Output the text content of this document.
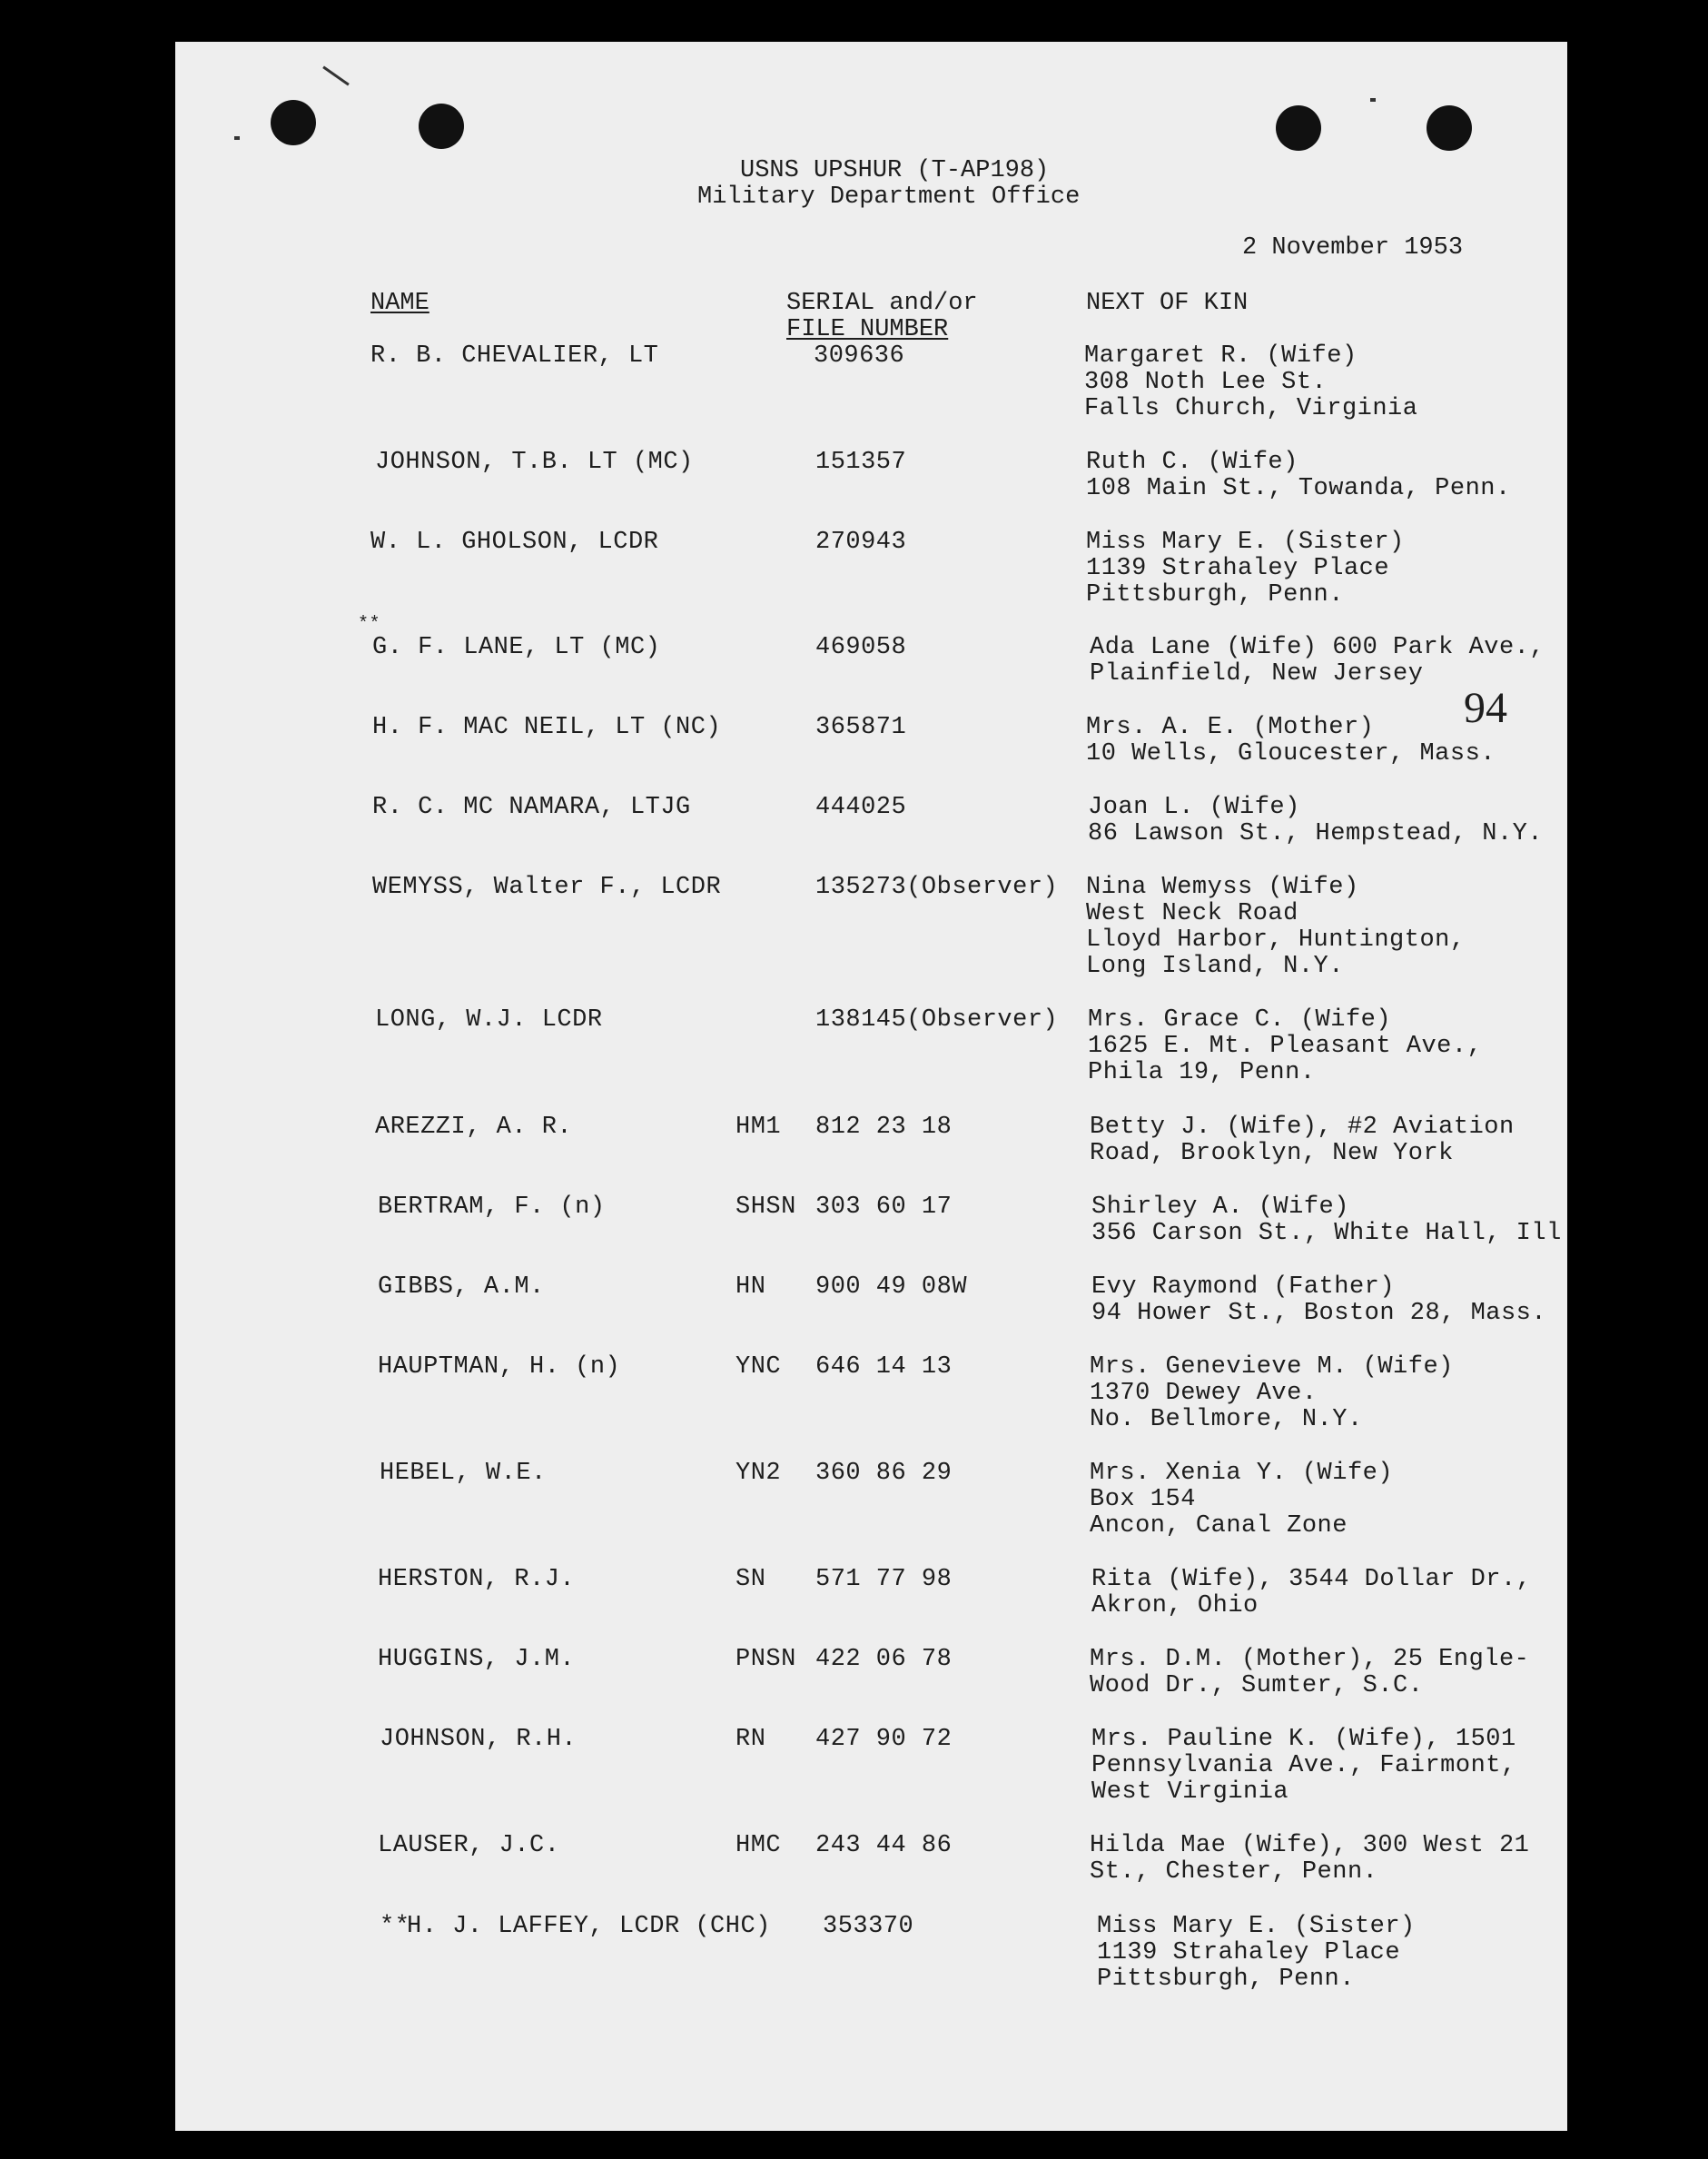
USNS UPSHUR (T-AP198)
Military Department Office
2 November 1953
NAME	SERIAL and/or
FILE NUMBER
NEXT OF KIN
94
R. B. CHEVALIER, LT	309636	Margaret R. (Wife)
308 Noth Lee St.
Falls Church, Virginia
JOHNSON, T.B. LT (MC)	151357	Ruth C. (Wife)
108 Main St., Towanda, Penn.
W. L. GHOLSON, LCDR	270943	Miss Mary E. (Sister)
1139 Strahaley Place
Pittsburgh, Penn.
**
G. F. LANE, LT (MC)	469058	Ada Lane (Wife) 600 Park Ave.,
Plainfield, New Jersey
H. F. MAC NEIL, LT (NC)	365871	Mrs. A. E. (Mother)
10 Wells, Gloucester, Mass.
R. C. MC NAMARA, LTJG	444025	Joan L. (Wife)
86 Lawson St., Hempstead, N.Y.
WEMYSS, Walter F., LCDR	135273(Observer) Nina Wemyss (Wife)
West Neck Road
Lloyd Harbor, Huntington,
Long Island, N.Y.
LONG, W.J. LCDR	138145(Observer) Mrs. Grace C. (Wife)
1625 E. Mt. Pleasant Ave.,
Phila 19, Penn.
AREZZI, A. R.	HM1 812 23 18	Betty J. (Wife), #2 Aviation
Road, Brooklyn, New York
BERTRAM, F. (n)	SHSN 303 60 17	Shirley A. (Wife)
356 Carson St., White Hall, Ill
GIBBS, A.M.	HN 900 49 08W	Evy Raymond (Father)
94 Hower St., Boston 28, Mass.
HAUPTMAN, H. (n)	YNC 646 14 13	Mrs. Genevieve M. (Wife)
1370 Dewey Ave.
No. Bellmore, N.Y.
HEBEL, W.E.	YN2 360 86 29	Mrs. Xenia Y. (Wife)
Box 154
Ancon, Canal Zone
HERSTON, R.J.	SN 571 77 98	Rita (Wife), 3544 Dollar Dr.,
Akron, Ohio
HUGGINS, J.M.	PNSN 422 06 78	Mrs. D.M. (Mother), 25 Engle-
Wood Dr., Sumter, S.C.
JOHNSON, R.H.	RN 427 90 72	Mrs. Pauline K. (Wife), 1501
Pennsylvania Ave., Fairmont,
West Virginia
LAUSER, J.C.	HMC 243 44 86	Hilda Mae (Wife), 300 West 21
St., Chester, Penn.
**
H. J. LAFFEY, LCDR (CHC) 353370	Miss Mary E. (Sister)
1139 Strahaley Place
Pittsburgh, Penn.
